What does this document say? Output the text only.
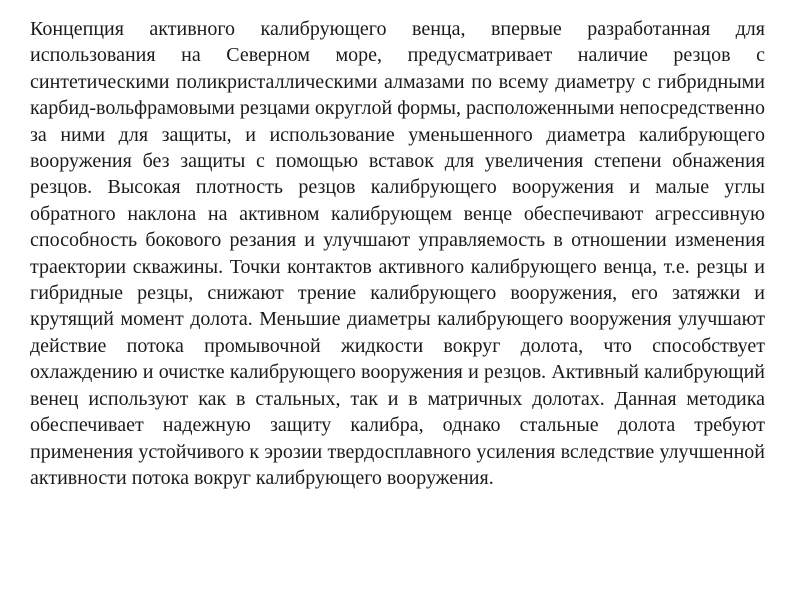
Концепция активного калибрующего венца, впервые разработанная для использования на Северном море, предусматривает наличие резцов с синтетическими поликристаллическими алмазами по всему диаметру с гибридными карбид-вольфрамовыми резцами округлой формы, расположенными непосредственно за ними для защиты, и использование уменьшенного диаметра калибрующего вооружения без защиты с помощью вставок для увеличения степени обнажения резцов. Высокая плотность резцов калибрующего вооружения и малые углы обратного наклона на активном калибрующем венце обеспечивают агрессивную способность бокового резания и улучшают управляемость в отношении изменения траектории скважины. Точки контактов активного калибрующего венца, т.е. резцы и гибридные резцы, снижают трение калибрующего вооружения, его затяжки и крутящий момент долота. Меньшие диаметры калибрующего вооружения улучшают действие потока промывочной жидкости вокруг долота, что способствует охлаждению и очистке калибрующего вооружения и резцов. Активный калибрующий венец используют как в стальных, так и в матричных долотах. Данная методика обеспечивает надежную защиту калибра, однако стальные долота требуют применения устойчивого к эрозии твердосплавного усиления вследствие улучшенной активности потока вокруг калибрующего вооружения.
